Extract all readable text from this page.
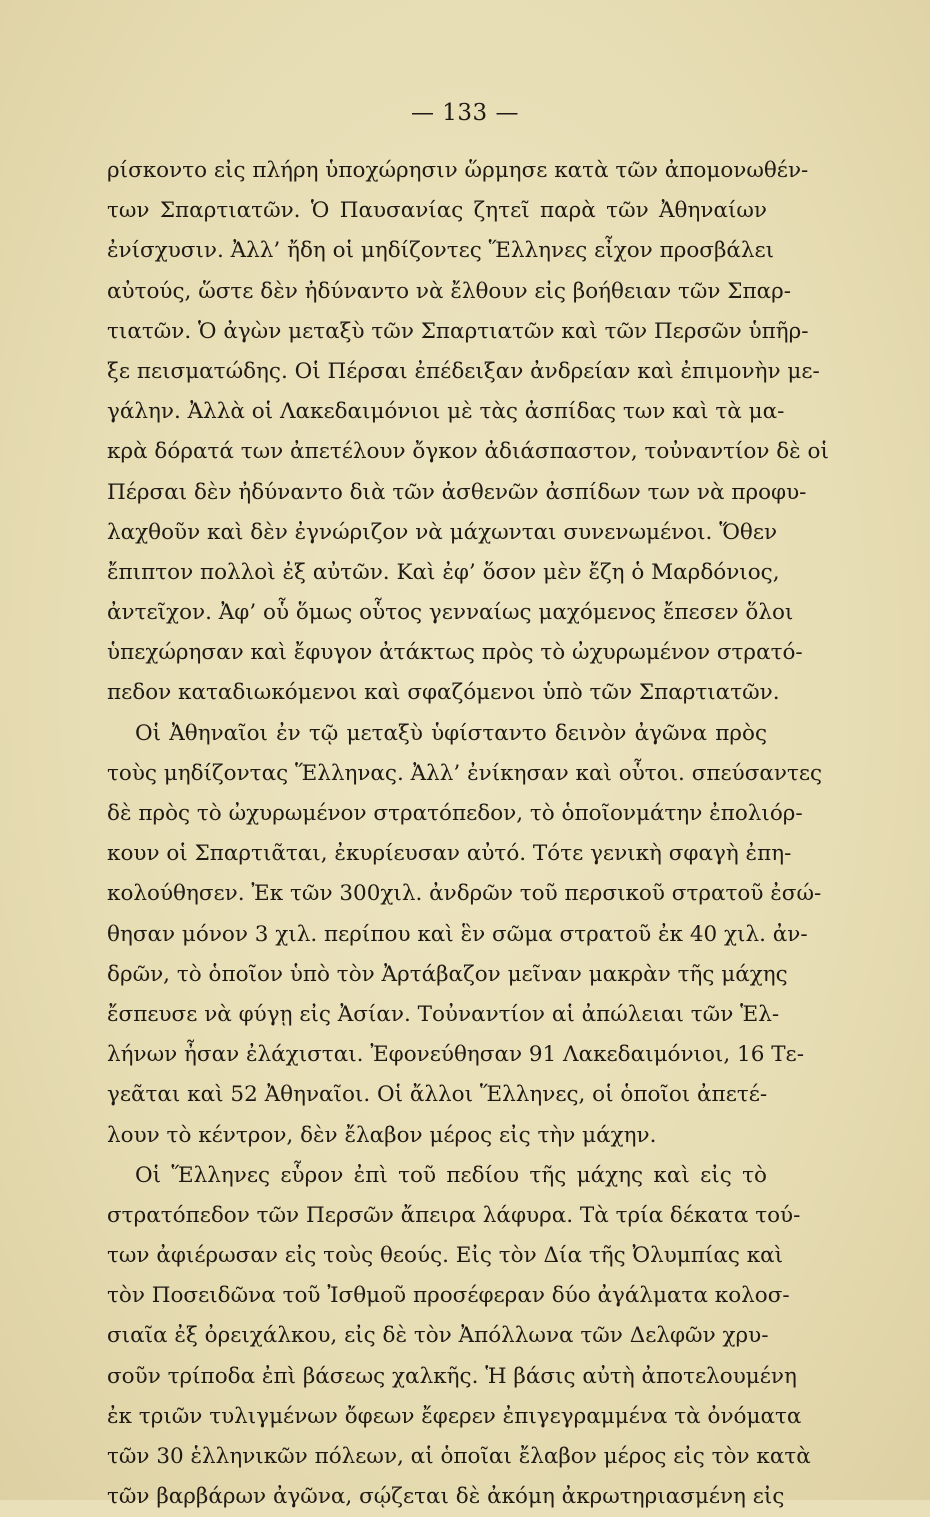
— 133 —
ρίσκοντο εἰς πλήρη ὑποχώρησιν ὥρμησε κατὰ τῶν ἀπομονωθέν-
των Σπαρτιατῶν. Ὁ Παυσανίας ζητεῖ παρὰ τῶν Ἀθηναίων
ἐνίσχυσιν. Ἀλλ’ ἤδη οἱ μηδίζοντες Ἕλληνες εἶχον προσβάλει
αὐτούς, ὥστε δὲν ἠδύναντο νὰ ἔλθουν εἰς βοήθειαν τῶν Σπαρ-
τιατῶν. Ὁ ἀγὼν μεταξὺ τῶν Σπαρτιατῶν καὶ τῶν Περσῶν ὑπῆρ-
ξε πεισματώδης. Οἱ Πέρσαι ἐπέδειξαν ἀνδρείαν καὶ ἐπιμονὴν με-
γάλην. Ἀλλὰ οἱ Λακεδαιμόνιοι μὲ τὰς ἀσπίδας των καὶ τὰ μα-
κρὰ δόρατά των ἀπετέλουν ὄγκον ἀδιάσπαστον, τοὐναντίον δὲ οἱ
Πέρσαι δὲν ἠδύναντο διὰ τῶν ἀσθενῶν ἀσπίδων των νὰ προφυ-
λαχθοῦν καὶ δὲν ἐγνώριζον νὰ μάχωνται συνενωμένοι. Ὅθεν
ἔπιπτον πολλοὶ ἐξ αὐτῶν. Καὶ ἐφ’ ὅσον μὲν ἔζη ὁ Μαρδόνιος,
ἀντεῖχον. Ἀφ’ οὗ ὅμως οὗτος γενναίως μαχόμενος ἔπεσεν ὅλοι
ὑπεχώρησαν καὶ ἔφυγον ἀτάκτως πρὸς τὸ ὠχυρωμένον στρατό-
πεδον καταδιωκόμενοι καὶ σφαζόμενοι ὑπὸ τῶν Σπαρτιατῶν.
Οἱ Ἀθηναῖοι ἐν τῷ μεταξὺ ὑφίσταντο δεινὸν ἀγῶνα πρὸς
τοὺς μηδίζοντας Ἕλληνας. Ἀλλ’ ἐνίκησαν καὶ οὗτοι. σπεύσαντες
δὲ πρὸς τὸ ὠχυρωμένον στρατόπεδον, τὸ ὁποῖονμάτην ἐπολιόρ-
κουν οἱ Σπαρτιᾶται, ἐκυρίευσαν αὐτό. Τότε γενικὴ σφαγὴ ἐπη-
κολούθησεν. Ἐκ τῶν 300χιλ. ἀνδρῶν τοῦ περσικοῦ στρατοῦ ἐσώ-
θησαν μόνον 3 χιλ. περίπου καὶ ἓν σῶμα στρατοῦ ἐκ 40 χιλ. ἀν-
δρῶν, τὸ ὁποῖον ὑπὸ τὸν Ἀρτάβαζον μεῖναν μακρὰν τῆς μάχης
ἔσπευσε νὰ φύγῃ εἰς Ἀσίαν. Τοὐναντίον αἱ ἀπώλειαι τῶν Ἑλ-
λήνων ἦσαν ἐλάχισται. Ἐφονεύθησαν 91 Λακεδαιμόνιοι, 16 Τε-
γεᾶται καὶ 52 Ἀθηναῖοι. Οἱ ἄλλοι Ἕλληνες, οἱ ὁποῖοι ἀπετέ-
λουν τὸ κέντρον, δὲν ἔλαβον μέρος εἰς τὴν μάχην.
Οἱ Ἕλληνες εὗρον ἐπὶ τοῦ πεδίου τῆς μάχης καὶ εἰς τὸ
στρατόπεδον τῶν Περσῶν ἄπειρα λάφυρα. Τὰ τρία δέκατα τού-
των ἀφιέρωσαν εἰς τοὺς θεούς. Εἰς τὸν Δία τῆς Ὀλυμπίας καὶ
τὸν Ποσειδῶνα τοῦ Ἰσθμοῦ προσέφεραν δύο ἀγάλματα κολοσ-
σιαῖα ἐξ ὀρειχάλκου, εἰς δὲ τὸν Ἀπόλλωνα τῶν Δελφῶν χρυ-
σοῦν τρίποδα ἐπὶ βάσεως χαλκῆς. Ἡ βάσις αὐτὴ ἀποτελουμένη
ἐκ τριῶν τυλιγμένων ὄφεων ἔφερεν ἐπιγεγραμμένα τὰ ὀνόματα
τῶν 30 ἑλληνικῶν πόλεων, αἱ ὁποῖαι ἔλαβον μέρος εἰς τὸν κατὰ
τῶν βαρβάρων ἀγῶνα, σῴζεται δὲ ἀκόμη ἀκρωτηριασμένη εἰς
